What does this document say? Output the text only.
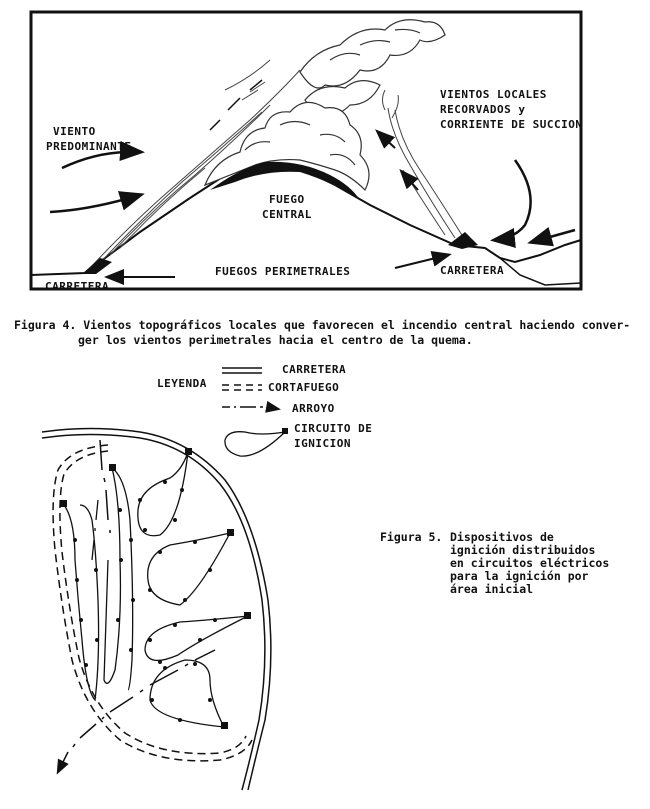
VIENTO
PREDOMINANTE
VIENTOS LOCALES
RECORVADOS y
CORRIENTE DE SUCCION
FUEGO
CENTRAL
FUEGOS PERIMETRALES
CARRETERA
CARRETERA
Figura 4. Vientos topográficos locales que favorecen el incendio central haciendo conver-
ger los vientos perimetrales hacia el centro de la quema.
LEYENDA
CARRETERA
CORTAFUEGO
ARROYO
CIRCUITO DE
IGNICION
Figura 5. Dispositivos de
ignición distribuidos
en circuitos eléctricos
para la ignición por
área inicial
